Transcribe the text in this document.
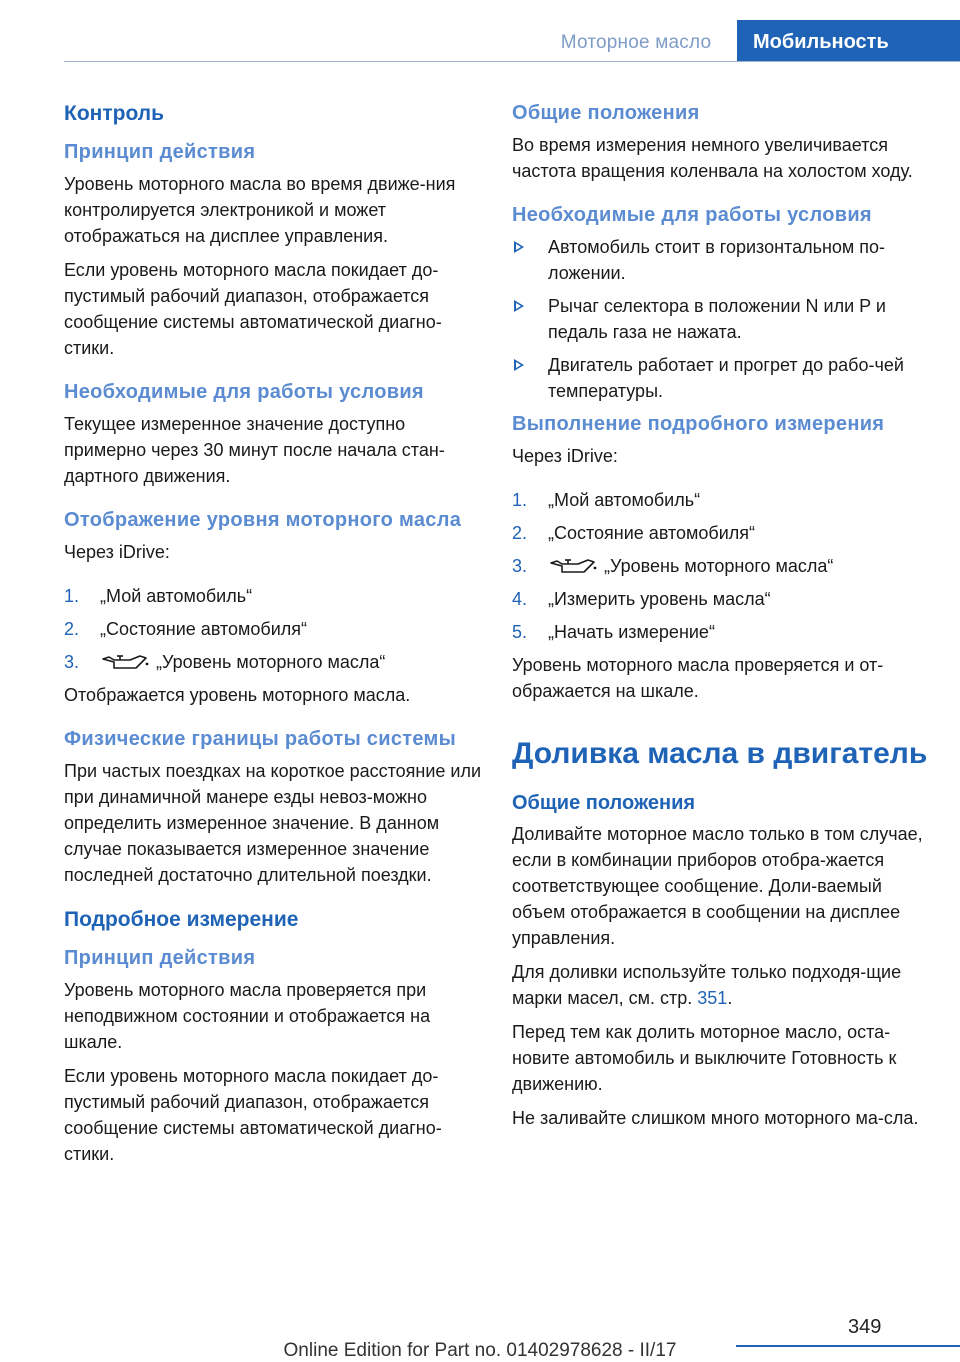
Моторное масло	Мобильность
Контроль
Принцип действия
Уровень моторного масла во время движе-ния контролируется электроникой и может отображаться на дисплее управления.
Если уровень моторного масла покидает до-пустимый рабочий диапазон, отображается сообщение системы автоматической диагно-стики.
Необходимые для работы условия
Текущее измеренное значение доступно примерно через 30 минут после начала стан-дартного движения.
Отображение уровня моторного масла
Через iDrive:
1. „Мой автомобиль“
2. „Состояние автомобиля“
3.	„Уровень моторного масла“
Отображается уровень моторного масла.
Физические границы работы системы
При частых поездках на короткое расстояние или при динамичной манере езды невоз-можно определить измеренное значение. В данном случае показывается измеренное значение последней достаточно длительной поездки.
Подробное измерение
Принцип действия
Уровень моторного масла проверяется при неподвижном состоянии и отображается на шкале.
Если уровень моторного масла покидает до-пустимый рабочий диапазон, отображается сообщение системы автоматической диагно-стики.
Общие положения
Во время измерения немного увеличивается частота вращения коленвала на холостом ходу.
Необходимые для работы условия
Автомобиль стоит в горизонтальном по-ложении.
Рычаг селектора в положении N или P и педаль газа не нажата.
Двигатель работает и прогрет до рабо-чей температуры.
Выполнение подробного измерения
Через iDrive:
1. „Мой автомобиль“
2. „Состояние автомобиля“
3.	„Уровень моторного масла“
4. „Измерить уровень масла“
5. „Начать измерение“
Уровень моторного масла проверяется и от-ображается на шкале.
Доливка масла в двигатель
Общие положения
Доливайте моторное масло только в том случае, если в комбинации приборов отобра-жается соответствующее сообщение. Доли-ваемый объем отображается в сообщении на дисплее управления.
Для доливки используйте только подходя-щие марки масел, см. стр. 351.
Перед тем как долить моторное масло, оста-новите автомобиль и выключите Готовность к движению.
Не заливайте слишком много моторного ма-сла.
349
Online Edition for Part no. 01402978628 - II/17
